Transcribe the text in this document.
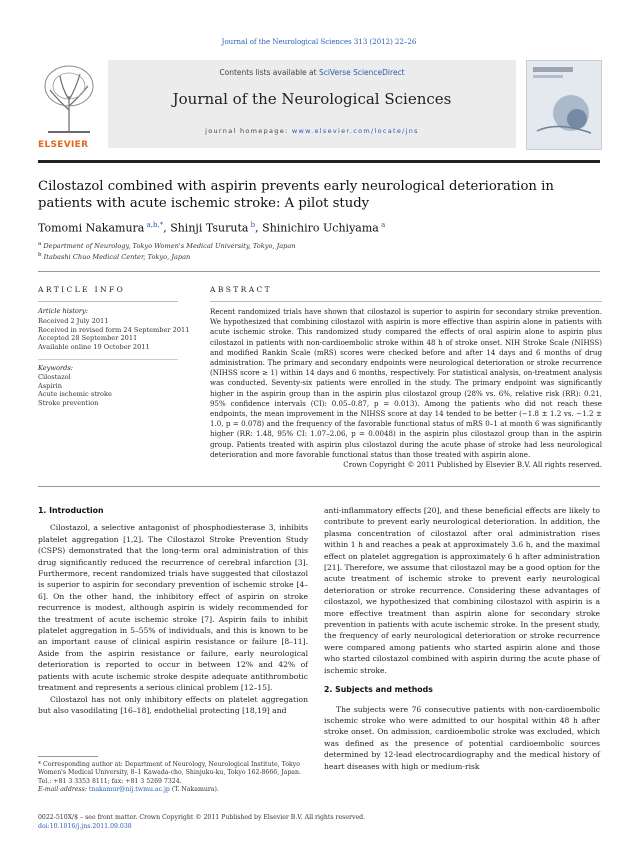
Journal of the Neurological Sciences 313 (2012) 22–26
ELSEVIER
Contents lists available at SciVerse ScienceDirect
Journal of the Neurological Sciences
journal homepage: www.elsevier.com/locate/jns
Cilostazol combined with aspirin prevents early neurological deterioration in patients with acute ischemic stroke: A pilot study
Tomomi Nakamura $^{a,b,*}$, Shinji Tsuruta $^b$, Shinichiro Uchiyama $^a$
$^a$ Department of Neurology, Tokyo Women's Medical University, Tokyo, Japan
$^b$ Itabashi Chuo Medical Center, Tokyo, Japan
ARTICLE INFO
Article history:
Received 2 July 2011
Received in revised form 24 September 2011
Accepted 28 September 2011
Available online 19 October 2011
Keywords:
Cilostazol
Aspirin
Acute ischemic stroke
Stroke prevention
ABSTRACT

Recent randomized trials have shown that cilostazol is superior to aspirin for secondary stroke prevention. We hypothesized that combining cilostazol with aspirin is more effective than aspirin alone in patients with acute ischemic stroke. This randomized study compared the effects of oral aspirin alone to aspirin plus cilostazol in patients with non-cardioembolic stroke within 48 h of stroke onset. NIH Stroke Scale (NIHSS) and modified Rankin Scale (mRS) scores were checked before and after 14 days and 6 months of drug administration. The primary and secondary endpoints were neurological deterioration or stroke recurrence (NIHSS score ≥ 1) within 14 days and 6 months, respectively. For statistical analysis, on-treatment analysis was conducted. Seventy-six patients were enrolled in the study. The primary endpoint was significantly higher in the aspirin group than in the aspirin plus cilostazol group (28% vs. 6%, relative risk (RR): 0.21, 95% confidence intervals (CI): 0.05–0.87, p = 0.013). Among the patients who did not reach these endpoints, the mean improvement in the NIHSS score at day 14 tended to be better (−1.8 ± 1.2 vs. −1.2 ± 1.0, p = 0.078) and the frequency of the favorable functional status of mRS 0–1 at month 6 was significantly higher (RR: 1.48, 95% CI: 1.07–2.06, p = 0.0048) in the aspirin plus cilostazol group than in the aspirin group. Patients treated with aspirin plus cilostazol during the acute phase of stroke had less neurological deterioration and more favorable functional status than those treated with aspirin alone.

Crown Copyright © 2011 Published by Elsevier B.V. All rights reserved.

1. Introduction

Cilostazol, a selective antagonist of phosphodiesterase 3, inhibits platelet aggregation [1,2]. The Cilostazol Stroke Prevention Study (CSPS) demonstrated that the long-term oral administration of this drug significantly reduced the recurrence of cerebral infarction [3]. Furthermore, recent randomized trials have suggested that cilostazol is superior to aspirin for secondary prevention of ischemic stroke [4–6]. On the other hand, the inhibitory effect of aspirin on stroke recurrence is modest, although aspirin is widely recommended for the treatment of acute ischemic stroke [7]. Aspirin fails to inhibit platelet aggregation in 5–55% of individuals, and this is known to be an important cause of clinical aspirin resistance or failure [8–11]. Aside from the aspirin resistance or failure, early neurological deterioration is reported to occur in between 12% and 42% of patients with acute ischemic stroke despite adequate antithrombotic treatment and represents a serious clinical problem [12–15].

Cilostazol has not only inhibitory effects on platelet aggregation but also vasodilating [16–18], endothelial protecting [18,19] and

* Corresponding author at: Department of Neurology, Neurological Institute, Tokyo Women's Medical University, 8–1 Kawada-cho, Shinjuku-ku, Tokyo 162-8666, Japan. Tel.: +81 3 3353 8111; fax: +81 3 5269 7324.
E-mail address: tnakamur@nij.twmu.ac.jp (T. Nakamura).

anti-inflammatory effects [20], and these beneficial effects are likely to contribute to prevent early neurological deterioration. In addition, the plasma concentration of cilostazol after oral administration rises within 1 h and reaches a peak at approximately 3.6 h, and the maximal effect on platelet aggregation is approximately 6 h after administration [21]. Therefore, we assume that cilostazol may be a good option for the acute treatment of ischemic stroke to prevent early neurological deterioration or stroke recurrence. Considering these advantages of cilostazol, we hypothesized that combining cilostazol with aspirin is a more effective treatment than aspirin alone for secondary stroke prevention in patients with acute ischemic stroke. In the present study, the frequency of early neurological deterioration or stroke recurrence were compared among patients who started aspirin alone and those who started cilostazol combined with aspirin during the acute phase of ischemic stroke.

2. Subjects and methods

The subjects were 76 consecutive patients with non-cardioembolic ischemic stroke who were admitted to our hospital within 48 h after stroke onset. On admission, cardioembolic stroke was excluded, which was defined as the presence of potential cardioembolic sources determined by 12-lead electrocardiography and the medical history of heart diseases with high or medium-risk

0022-510X/$ – see front matter. Crown Copyright © 2011 Published by Elsevier B.V. All rights reserved.
doi:10.1016/j.jns.2011.09.038
